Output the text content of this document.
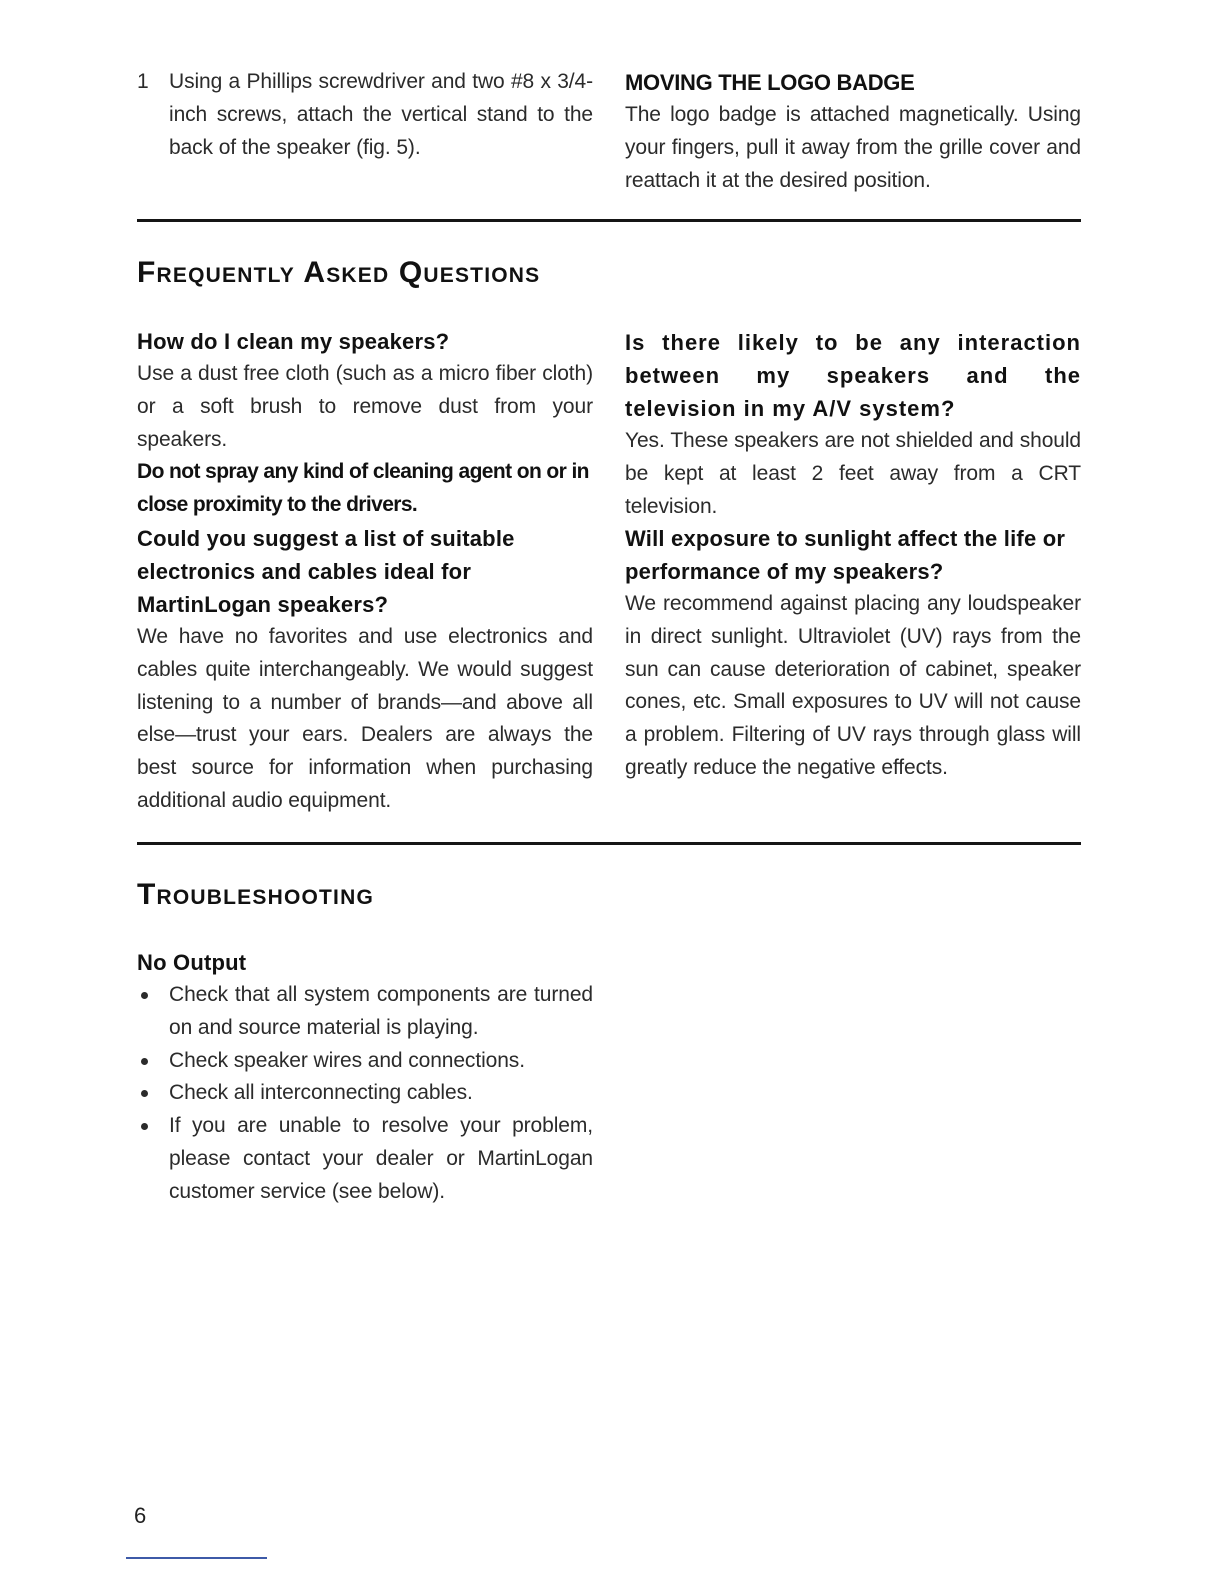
1 Using a Phillips screwdriver and two #8 x 3/4-inch screws, attach the vertical stand to the back of the speaker (fig. 5).

MOVING THE LOGO BADGE

The logo badge is attached magnetically. Using your fingers, pull it away from the grille cover and reattach it at the desired position.

Frequently Asked Questions

How do I clean my speakers?

Use a dust free cloth (such as a micro fiber cloth) or a soft brush to remove dust from your speakers.

Do not spray any kind of cleaning agent on or in close proximity to the drivers.

Is there likely to be any interaction between my speakers and the television in my A/V system?

Yes. These speakers are not shielded and should be kept at least 2 feet away from a CRT television.

Could you suggest a list of suitable electronics and cables ideal for MartinLogan speakers?

We have no favorites and use electronics and cables quite interchangeably. We would suggest listening to a number of brands—and above all else—trust your ears. Dealers are always the best source for information when purchasing additional audio equipment.

Will exposure to sunlight affect the life or performance of my speakers?

We recommend against placing any loudspeaker in direct sunlight. Ultraviolet (UV) rays from the sun can cause deterioration of cabinet, speaker cones, etc. Small exposures to UV will not cause a problem. Filtering of UV rays through glass will greatly reduce the negative effects.

Troubleshooting

No Output

Check that all system components are turned on and source material is playing.
Check speaker wires and connections.
Check all interconnecting cables.
If you are unable to resolve your problem, please contact your dealer or MartinLogan customer service (see below).
6
